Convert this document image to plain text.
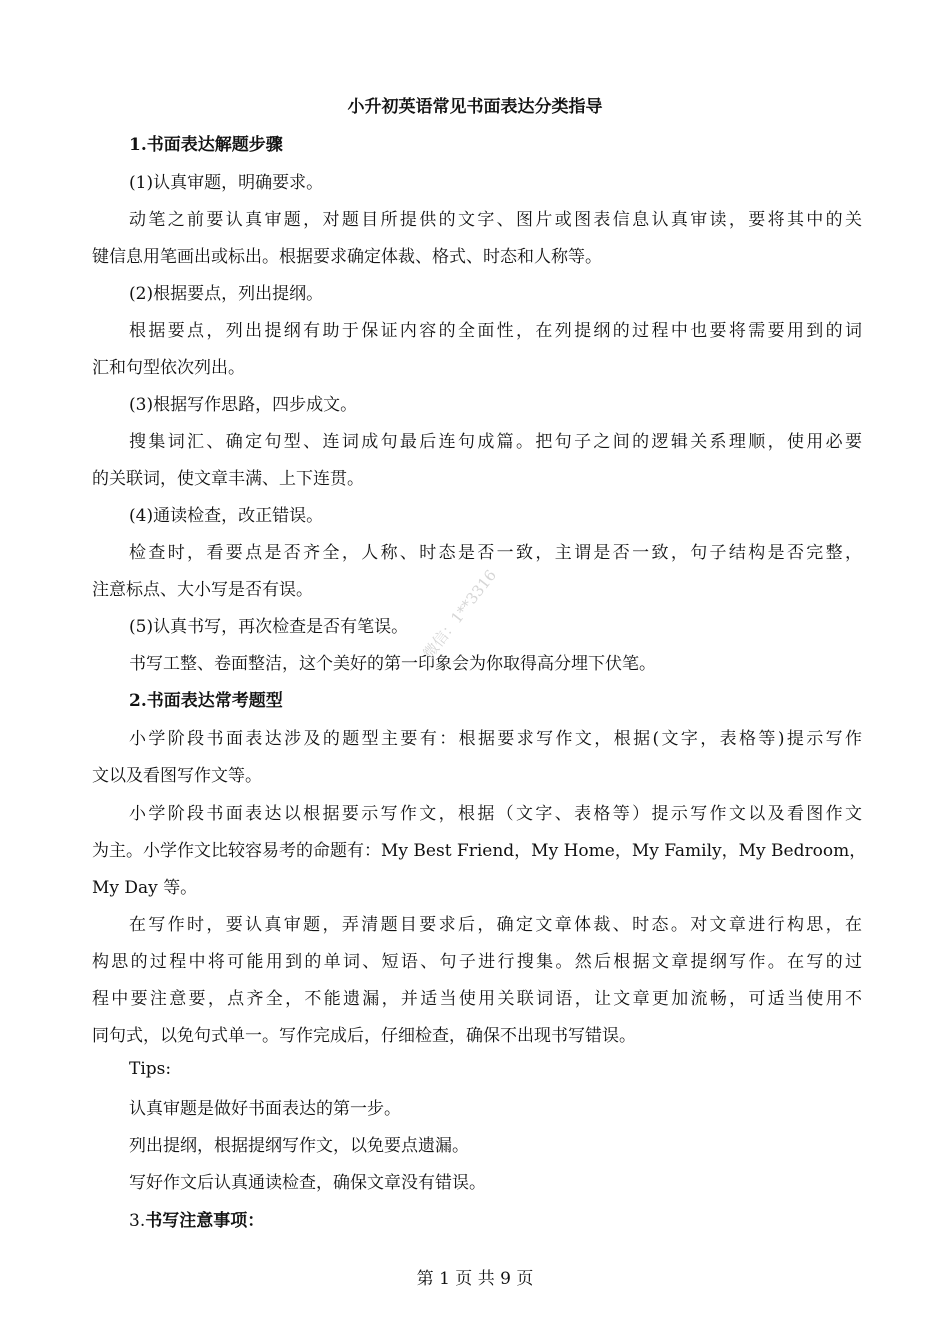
小升初英语常见书面表达分类指导
1.书面表达解题步骤
(1)认真审题，明确要求。
动笔之前要认真审题，对题目所提供的文字、图片或图表信息认真审读，要将其中的关
键信息用笔画出或标出。根据要求确定体裁、格式、时态和人称等。
(2)根据要点，列出提纲。
根据要点，列出提纲有助于保证内容的全面性，在列提纲的过程中也要将需要用到的词
汇和句型依次列出。
(3)根据写作思路，四步成文。
搜集词汇、确定句型、连词成句最后连句成篇。把句子之间的逻辑关系理顺，使用必要
的关联词，使文章丰满、上下连贯。
(4)通读检查，改正错误。
检查时，看要点是否齐全，人称、时态是否一致，主谓是否一致，句子结构是否完整，
注意标点、大小写是否有误。
(5)认真书写，再次检查是否有笔误。
书写工整、卷面整洁，这个美好的第一印象会为你取得高分埋下伏笔。
2.书面表达常考题型
小学阶段书面表达涉及的题型主要有：根据要求写作文，根据(文字，表格等)提示写作
文以及看图写作文等。
小学阶段书面表达以根据要示写作文，根据（文字、表格等）提示写作文以及看图作文
为主。小学作文比较容易考的命题有：My Best Friend，My Home，My Family，My Bedroom，
My Day 等。
在写作时，要认真审题，弄清题目要求后，确定文章体裁、时态。对文章进行构思，在
构思的过程中将可能用到的单词、短语、句子进行搜集。然后根据文章提纲写作。在写的过
程中要注意要，点齐全，不能遗漏，并适当使用关联词语，让文章更加流畅，可适当使用不
同句式，以免句式单一。写作完成后，仔细检查，确保不出现书写错误。
Tips:
认真审题是做好书面表达的第一步。
列出提纲，根据提纲写作文，以免要点遗漏。
写好作文后认真通读检查，确保文章没有错误。
3.书写注意事项：
微信：1**3316
第 1 页 共 9 页
